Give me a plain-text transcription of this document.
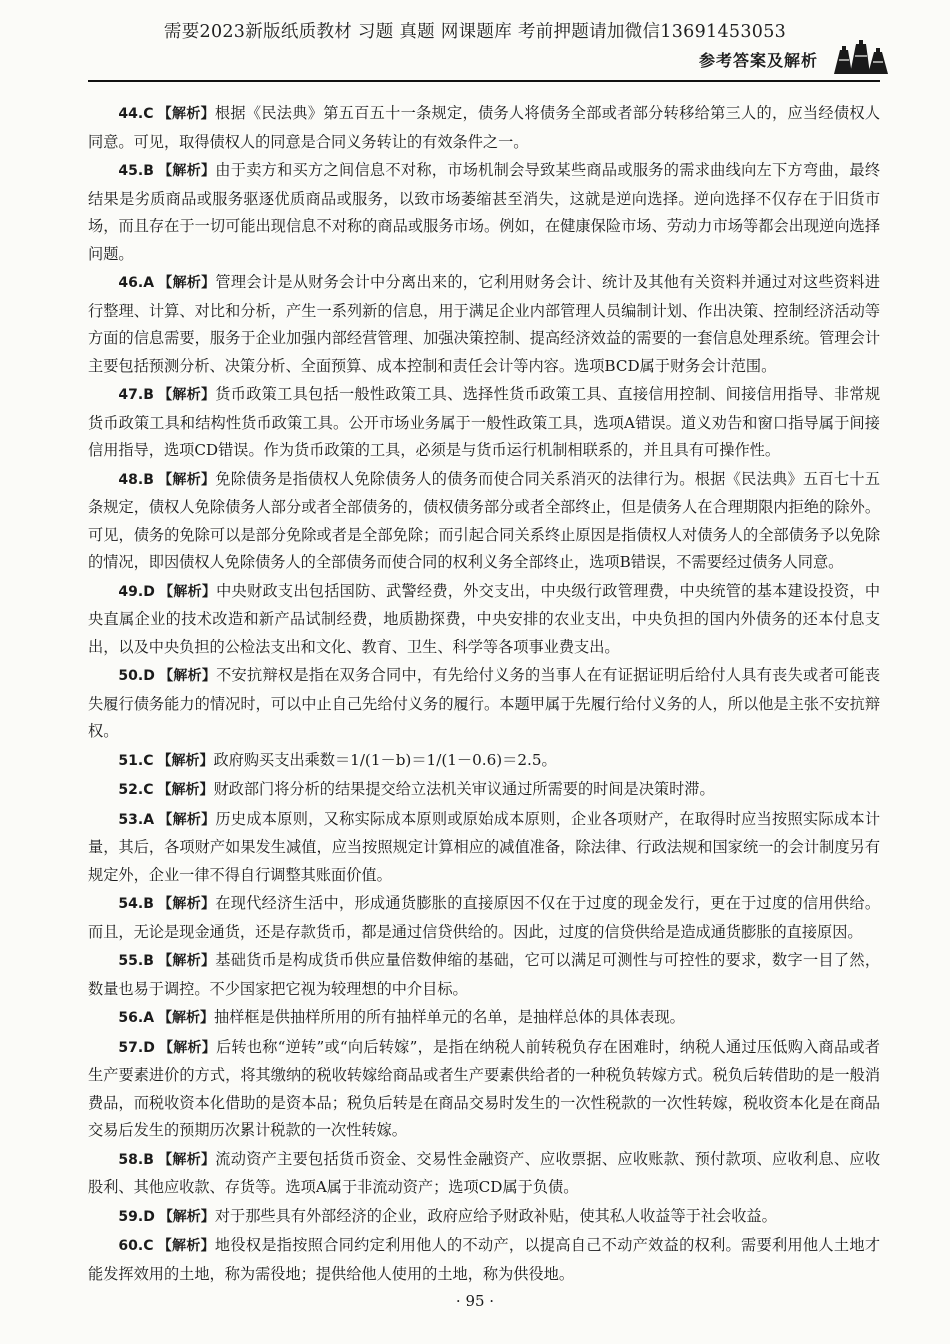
需要2023新版纸质教材 习题 真题 网课题库 考前押题请加微信13691453053
参考答案及解析

44.C 【解析】根据《民法典》第五百五十一条规定，债务人将债务全部或者部分转移给第三人的，应当经债权人同意。可见，取得债权人的同意是合同义务转让的有效条件之一。

45.B 【解析】由于卖方和买方之间信息不对称，市场机制会导致某些商品或服务的需求曲线向左下方弯曲，最终结果是劣质商品或服务驱逐优质商品或服务，以致市场萎缩甚至消失，这就是逆向选择。逆向选择不仅存在于旧货市场，而且存在于一切可能出现信息不对称的商品或服务市场。例如，在健康保险市场、劳动力市场等都会出现逆向选择问题。

46.A 【解析】管理会计是从财务会计中分离出来的，它利用财务会计、统计及其他有关资料并通过对这些资料进行整理、计算、对比和分析，产生一系列新的信息，用于满足企业内部管理人员编制计划、作出决策、控制经济活动等方面的信息需要，服务于企业加强内部经营管理、加强决策控制、提高经济效益的需要的一套信息处理系统。管理会计主要包括预测分析、决策分析、全面预算、成本控制和责任会计等内容。选项BCD属于财务会计范围。

47.B 【解析】货币政策工具包括一般性政策工具、选择性货币政策工具、直接信用控制、间接信用指导、非常规货币政策工具和结构性货币政策工具。公开市场业务属于一般性政策工具，选项A错误。道义劝告和窗口指导属于间接信用指导，选项CD错误。作为货币政策的工具，必须是与货币运行机制相联系的，并且具有可操作性。

48.B 【解析】免除债务是指债权人免除债务人的债务而使合同关系消灭的法律行为。根据《民法典》五百七十五条规定，债权人免除债务人部分或者全部债务的，债权债务部分或者全部终止，但是债务人在合理期限内拒绝的除外。可见，债务的免除可以是部分免除或者是全部免除；而引起合同关系终止原因是指债权人对债务人的全部债务予以免除的情况，即因债权人免除债务人的全部债务而使合同的权利义务全部终止，选项B错误，不需要经过债务人同意。

49.D 【解析】中央财政支出包括国防、武警经费，外交支出，中央级行政管理费，中央统管的基本建设投资，中央直属企业的技术改造和新产品试制经费，地质勘探费，中央安排的农业支出，中央负担的国内外债务的还本付息支出，以及中央负担的公检法支出和文化、教育、卫生、科学等各项事业费支出。

50.D 【解析】不安抗辩权是指在双务合同中，有先给付义务的当事人在有证据证明后给付人具有丧失或者可能丧失履行债务能力的情况时，可以中止自己先给付义务的履行。本题甲属于先履行给付义务的人，所以他是主张不安抗辩权。

51.C 【解析】政府购买支出乘数＝1/(1－b)＝1/(1－0.6)＝2.5。

52.C 【解析】财政部门将分析的结果提交给立法机关审议通过所需要的时间是决策时滞。

53.A 【解析】历史成本原则，又称实际成本原则或原始成本原则，企业各项财产，在取得时应当按照实际成本计量，其后，各项财产如果发生减值，应当按照规定计算相应的减值准备，除法律、行政法规和国家统一的会计制度另有规定外，企业一律不得自行调整其账面价值。

54.B 【解析】在现代经济生活中，形成通货膨胀的直接原因不仅在于过度的现金发行，更在于过度的信用供给。而且，无论是现金通货，还是存款货币，都是通过信贷供给的。因此，过度的信贷供给是造成通货膨胀的直接原因。

55.B 【解析】基础货币是构成货币供应量倍数伸缩的基础，它可以满足可测性与可控性的要求，数字一目了然，数量也易于调控。不少国家把它视为较理想的中介目标。

56.A 【解析】抽样框是供抽样所用的所有抽样单元的名单，是抽样总体的具体表现。

57.D 【解析】后转也称“逆转”或“向后转嫁”，是指在纳税人前转税负存在困难时，纳税人通过压低购入商品或者生产要素进价的方式，将其缴纳的税收转嫁给商品或者生产要素供给者的一种税负转嫁方式。税负后转借助的是一般消费品，而税收资本化借助的是资本品；税负后转是在商品交易时发生的一次性税款的一次性转嫁，税收资本化是在商品交易后发生的预期历次累计税款的一次性转嫁。

58.B 【解析】流动资产主要包括货币资金、交易性金融资产、应收票据、应收账款、预付款项、应收利息、应收股利、其他应收款、存货等。选项A属于非流动资产；选项CD属于负债。

59.D 【解析】对于那些具有外部经济的企业，政府应给予财政补贴，使其私人收益等于社会收益。

60.C 【解析】地役权是指按照合同约定利用他人的不动产，以提高自己不动产效益的权利。需要利用他人土地才能发挥效用的土地，称为需役地；提供给他人使用的土地，称为供役地。

· 95 ·
